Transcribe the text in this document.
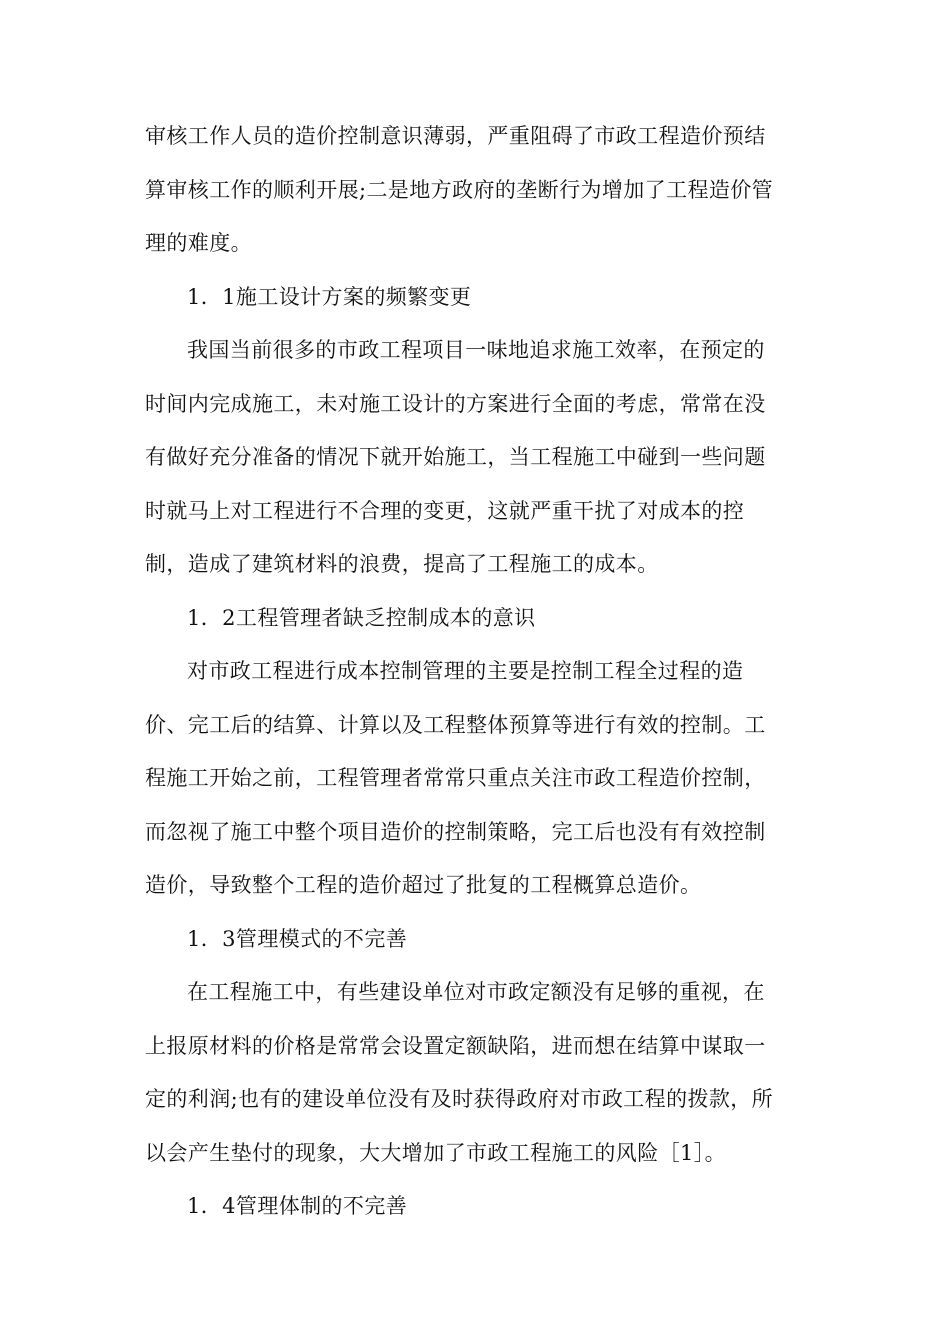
审核工作人员的造价控制意识薄弱，严重阻碍了市政工程造价预结
算审核工作的顺利开展;二是地方政府的垄断行为增加了工程造价管
理的难度。
1．1施工设计方案的频繁变更
我国当前很多的市政工程项目一味地追求施工效率，在预定的
时间内完成施工，未对施工设计的方案进行全面的考虑，常常在没
有做好充分准备的情况下就开始施工，当工程施工中碰到一些问题
时就马上对工程进行不合理的变更，这就严重干扰了对成本的控
制，造成了建筑材料的浪费，提高了工程施工的成本。
1．2工程管理者缺乏控制成本的意识
对市政工程进行成本控制管理的主要是控制工程全过程的造
价、完工后的结算、计算以及工程整体预算等进行有效的控制。工
程施工开始之前，工程管理者常常只重点关注市政工程造价控制，
而忽视了施工中整个项目造价的控制策略，完工后也没有有效控制
造价，导致整个工程的造价超过了批复的工程概算总造价。
1．3管理模式的不完善
在工程施工中，有些建设单位对市政定额没有足够的重视，在
上报原材料的价格是常常会设置定额缺陷，进而想在结算中谋取一
定的利润;也有的建设单位没有及时获得政府对市政工程的拨款，所
以会产生垫付的现象，大大增加了市政工程施工的风险［1］。
1．4管理体制的不完善
